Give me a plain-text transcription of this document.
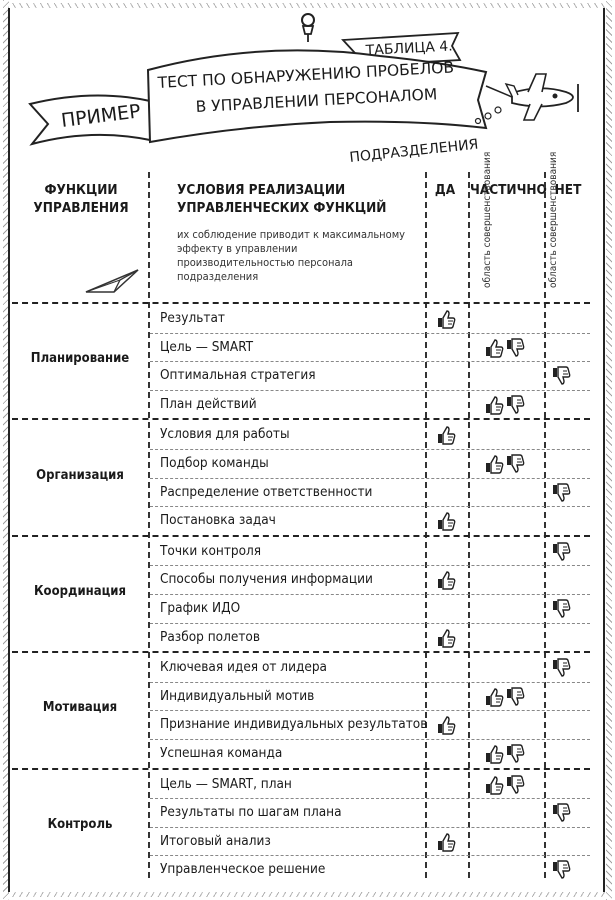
ТАБЛИЦА 4.
ПРИМЕР
ТЕСТ ПО ОБНАРУЖЕНИЮ ПРОБЕЛОВ
В УПРАВЛЕНИИ ПЕРСОНАЛОМ
ПОДРАЗДЕЛЕНИЯ
ФУНКЦИИ УПРАВЛЕНИЯ
УСЛОВИЯ РЕАЛИЗАЦИИ УПРАВЛЕНЧЕСКИХ ФУНКЦИЙ
их соблюдение приводит к максимальному эффекту в управлении производительностью персонала подразделения
ДА	ЧАСТИЧНО НЕТ
область совершенствования	область совершенствования
Планирование
Результат
Цель — SMART
Оптимальная стратегия
План действий
Организация
Условия для работы
Подбор команды
Распределение ответственности
Постановка задач
Координация
Точки контроля
Способы получения информации
График ИДО
Разбор полетов
Мотивация
Ключевая идея от лидера
Индивидуальный мотив
Признание индивидуальных результатов
Успешная команда
Контроль
Цель — SMART, план
Результаты по шагам плана
Итоговый анализ
Управленческое решение
